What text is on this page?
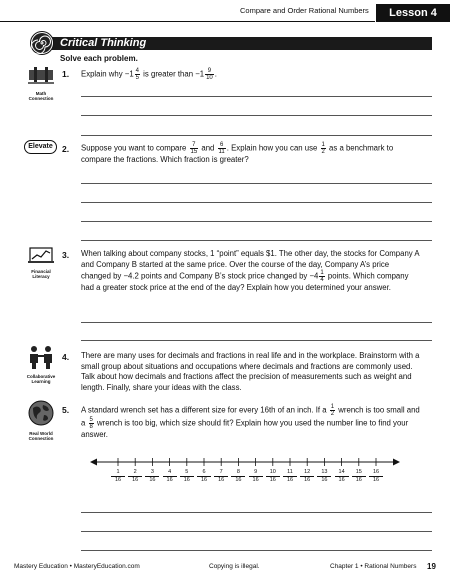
Compare and Order Rational Numbers	Lesson 4
Critical Thinking
Solve each problem.
Math Connection
1. Explain why $-1 \frac{4}{5}$ is greater than $-1 \frac{9}{10}$ .
Elevate	2. Suppose you want to compare $\frac{7}{15}$ and $\frac{6}{11}$ . Explain how you can use $\frac{1}{2}$ as a benchmark to compare the fractions. Which fraction is greater?
Financial Literacy
3. When talking about company stocks, 1 “point” equals $1. The other day, the stocks for Company A and Company B started at the same price. Over the course of the day, Company A’s price changed by −4.2 points and Company B’s stock price changed by $-4 \frac{1}{4}$ points. Which company had a greater stock price at the end of the day? Explain how you determined your answer.
Collaborative Learning
4. There are many uses for decimals and fractions in real life and in the workplace. Brainstorm with a small group about situations and occupations where decimals and fractions are commonly used. Talk about how decimals and fractions affect the precision of measurements such as weight and length. Finally, share your ideas with the class.
Real World Connection
5. A standard wrench set has a different size for every 16th of an inch. If a $\frac{1}{2}$ wrench is too small and a $\frac{5}{8}$ wrench is too big, which size should fit? Explain how you used the number line to find your answer.
1
16
2
16
3
16
4
16
5
16
6
16
7
16
8
16
9
16
10
16
11
16
12
16
13
16
14
16
15
16
16
16
Mastery Education • MasteryEducation.com	Copying is illegal.	Chapter 1 • Rational Numbers 19
